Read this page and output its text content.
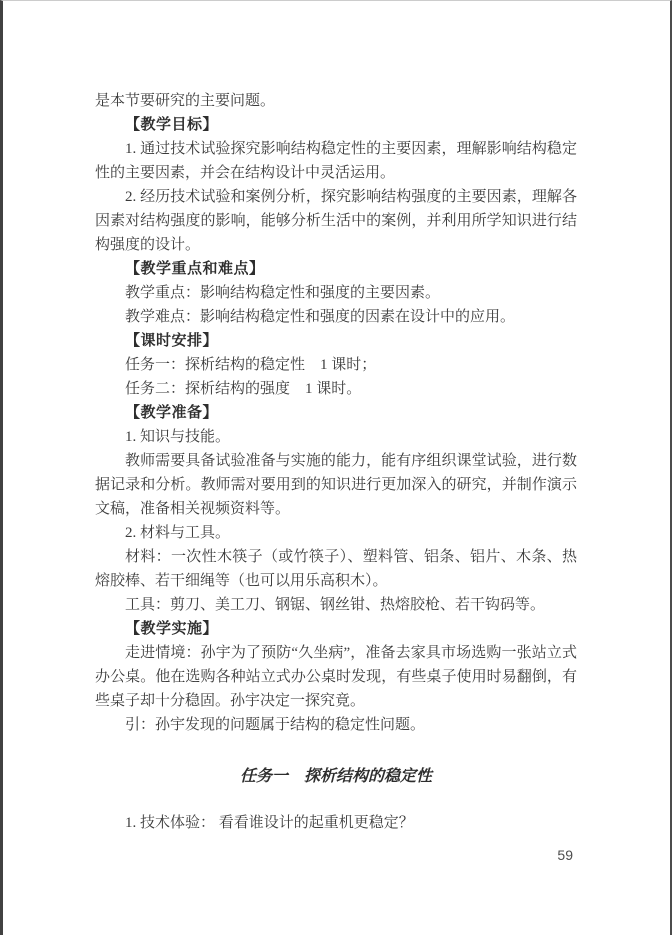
是本节要研究的主要问题。

【教学目标】

1. 通过技术试验探究影响结构稳定性的主要因素，理解影响结构稳定性的主要因素，并会在结构设计中灵活运用。

2. 经历技术试验和案例分析，探究影响结构强度的主要因素，理解各因素对结构强度的影响，能够分析生活中的案例，并利用所学知识进行结构强度的设计。

【教学重点和难点】

教学重点：影响结构稳定性和强度的主要因素。

教学难点：影响结构稳定性和强度的因素在设计中的应用。

【课时安排】

任务一：探析结构的稳定性　1 课时；

任务二：探析结构的强度　1 课时。

【教学准备】

1. 知识与技能。

教师需要具备试验准备与实施的能力，能有序组织课堂试验，进行数据记录和分析。教师需对要用到的知识进行更加深入的研究，并制作演示文稿，准备相关视频资料等。

2. 材料与工具。

材料：一次性木筷子（或竹筷子）、塑料管、铝条、铝片、木条、热熔胶棒、若干细绳等（也可以用乐高积木）。

工具：剪刀、美工刀、钢锯、钢丝钳、热熔胶枪、若干钩码等。

【教学实施】

走进情境：孙宇为了预防“久坐病”，准备去家具市场选购一张站立式办公桌。他在选购各种站立式办公桌时发现，有些桌子使用时易翻倒，有些桌子却十分稳固。孙宇决定一探究竟。

引：孙宇发现的问题属于结构的稳定性问题。

任务一　探析结构的稳定性

1. 技术体验： 看看谁设计的起重机更稳定？

59
